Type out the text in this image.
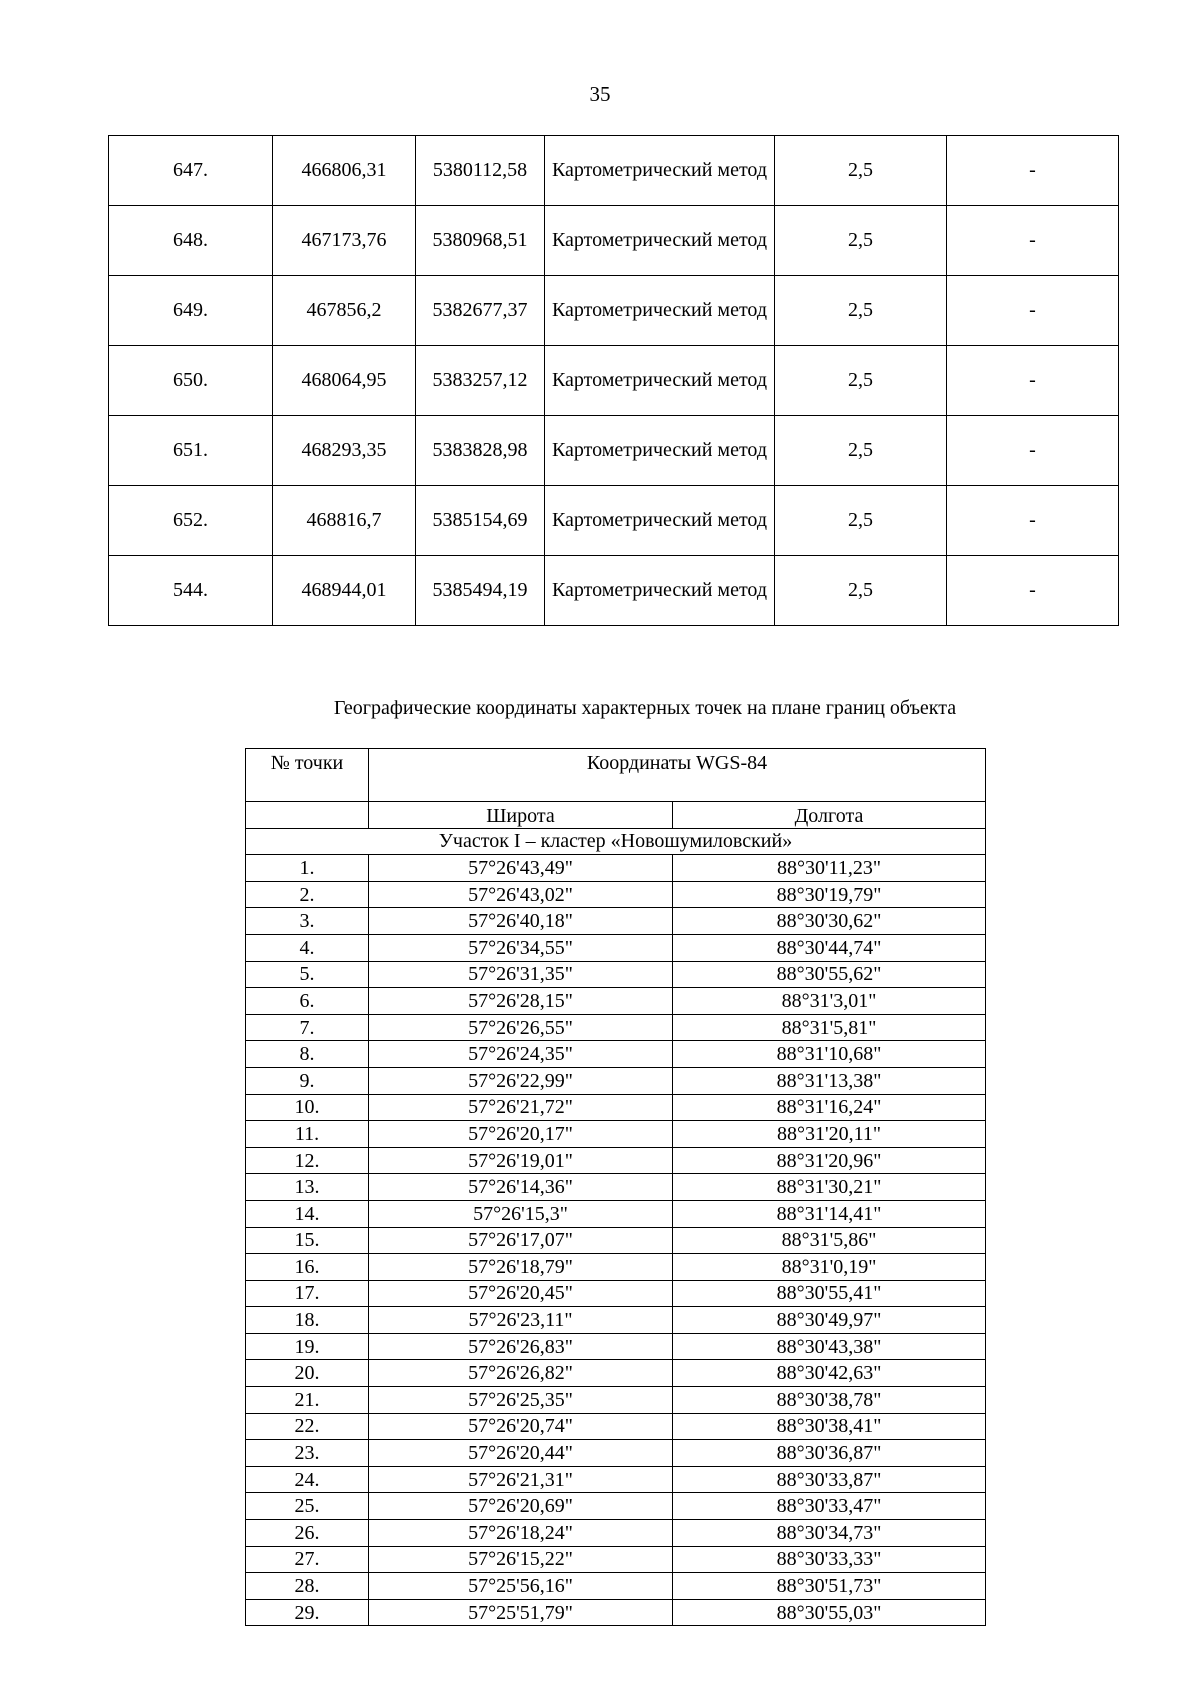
35
647.	466806,31	5380112,58	Картометрический метод	2,5	-
648.	467173,76	5380968,51	Картометрический метод	2,5	-
649.	467856,2	5382677,37	Картометрический метод	2,5	-
650.	468064,95	5383257,12	Картометрический метод	2,5	-
651.	468293,35	5383828,98	Картометрический метод	2,5	-
652.	468816,7	5385154,69	Картометрический метод	2,5	-
544.	468944,01	5385494,19	Картометрический метод	2,5	-
Географические координаты характерных точек на плане границ объекта
№ точки	Координаты WGS-84	
	Широта	Долгота
Участок I – кластер «Новошумиловский»		
1.	57°26'43,49"	88°30'11,23"
2.	57°26'43,02"	88°30'19,79"
3.	57°26'40,18"	88°30'30,62"
4.	57°26'34,55"	88°30'44,74"
5.	57°26'31,35"	88°30'55,62"
6.	57°26'28,15"	88°31'3,01"
7.	57°26'26,55"	88°31'5,81"
8.	57°26'24,35"	88°31'10,68"
9.	57°26'22,99"	88°31'13,38"
10.	57°26'21,72"	88°31'16,24"
11.	57°26'20,17"	88°31'20,11"
12.	57°26'19,01"	88°31'20,96"
13.	57°26'14,36"	88°31'30,21"
14.	57°26'15,3"	88°31'14,41"
15.	57°26'17,07"	88°31'5,86"
16.	57°26'18,79"	88°31'0,19"
17.	57°26'20,45"	88°30'55,41"
18.	57°26'23,11"	88°30'49,97"
19.	57°26'26,83"	88°30'43,38"
20.	57°26'26,82"	88°30'42,63"
21.	57°26'25,35"	88°30'38,78"
22.	57°26'20,74"	88°30'38,41"
23.	57°26'20,44"	88°30'36,87"
24.	57°26'21,31"	88°30'33,87"
25.	57°26'20,69"	88°30'33,47"
26.	57°26'18,24"	88°30'34,73"
27.	57°26'15,22"	88°30'33,33"
28.	57°25'56,16"	88°30'51,73"
29.	57°25'51,79"	88°30'55,03"
